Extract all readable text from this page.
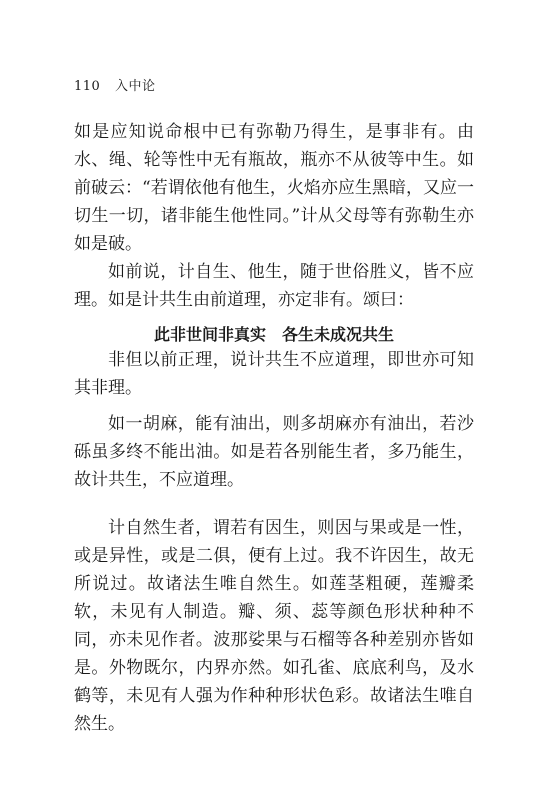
110 入中论
如是应知说命根中已有弥勒乃得生，是事非有。由水、绳、轮等性中无有瓶故，瓶亦不从彼等中生。如前破云：“若谓依他有他生，火焰亦应生黑暗，又应一切生一切，诸非能生他性同。”计从父母等有弥勒生亦如是破。
如前说，计自生、他生，随于世俗胜义，皆不应理。如是计共生由前道理，亦定非有。颂曰：
此非世间非真实　各生未成况共生
非但以前正理，说计共生不应道理，即世亦可知其非理。
如一胡麻，能有油出，则多胡麻亦有油出，若沙砾虽多终不能出油。如是若各别能生者，多乃能生，故计共生，不应道理。
计自然生者，谓若有因生，则因与果或是一性，或是异性，或是二俱，便有上过。我不许因生，故无所说过。故诸法生唯自然生。如莲茎粗硬，莲瓣柔软，未见有人制造。瓣、须、蕊等颜色形状种种不同，亦未见作者。波那娑果与石榴等各种差别亦皆如是。外物既尔，内界亦然。如孔雀、底底利鸟，及水鹤等，未见有人强为作种种形状色彩。故诸法生唯自然生。
